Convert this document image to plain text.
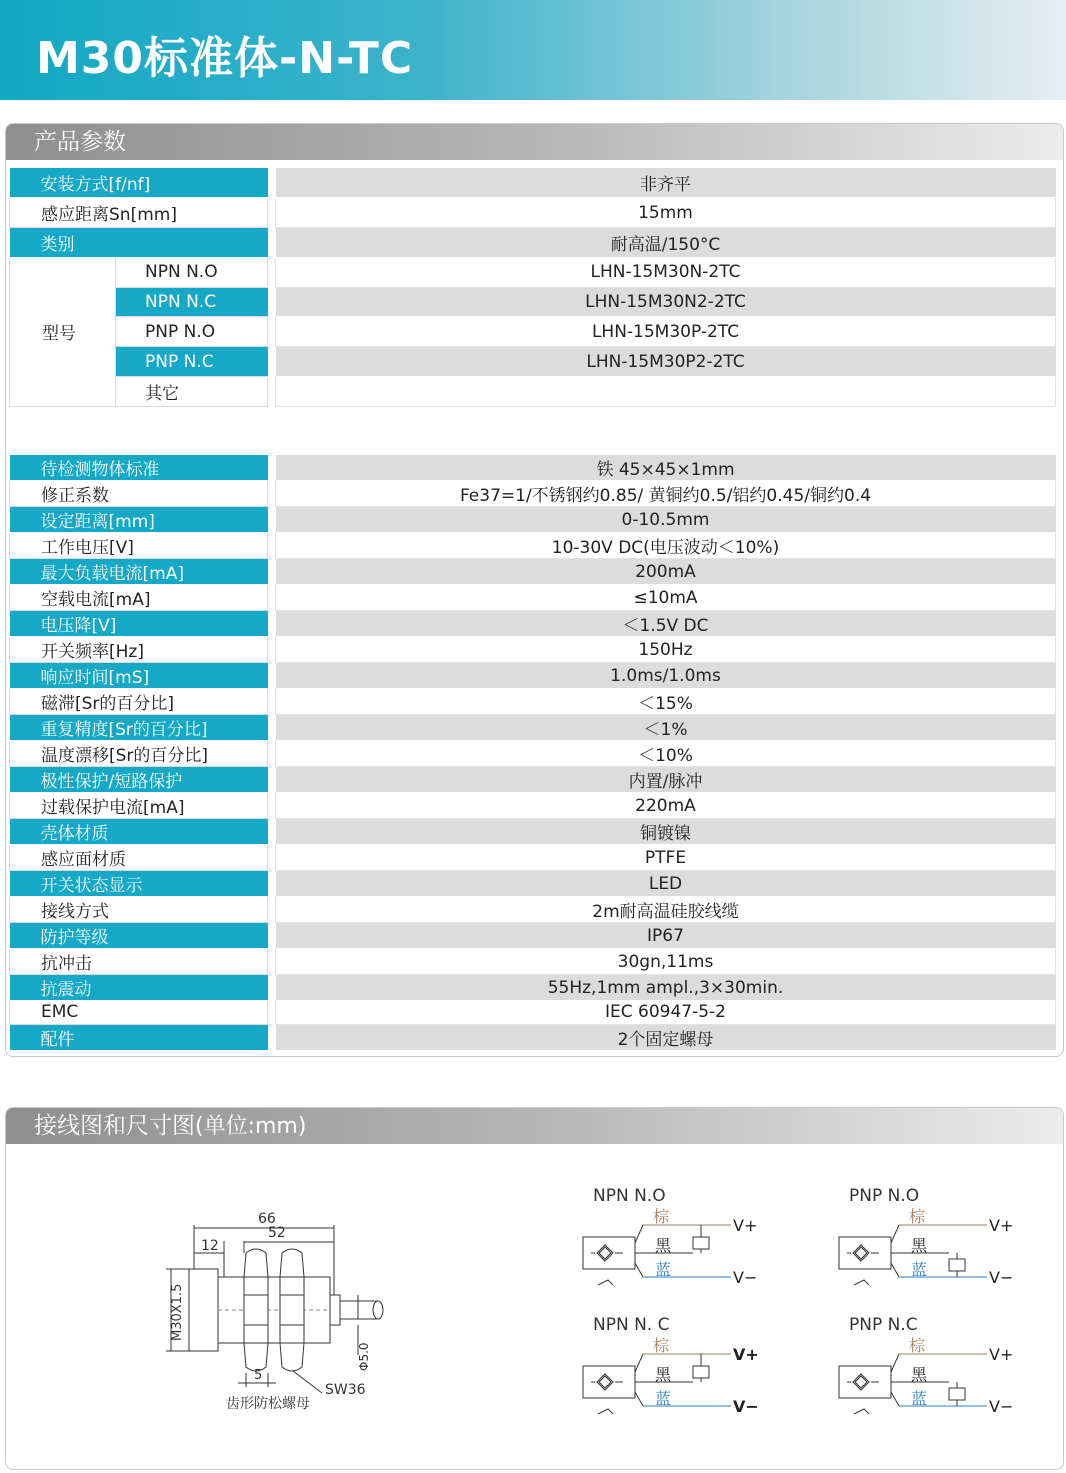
M30标准体-N-TC
产品参数
安装方式[f/nf]			非齐平
感应距离Sn[mm]			15mm
类别			耐高温/150°C
型号	NPN N.O		LHN-15M30N-2TC
	NPN N.C		LHN-15M30N2-2TC
	PNP N.O		LHN-15M30P-2TC
	PNP N.C		LHN-15M30P2-2TC
	其它		
待检测物体标准		铁 45×45×1mm
修正系数		Fe37=1/不锈钢约0.85/ 黄铜约0.5/铝约0.45/铜约0.4
设定距离[mm]		0-10.5mm
工作电压[V]		10-30V DC(电压波动＜10%)
最大负载电流[mA]		200mA
空载电流[mA]		≤10mA
电压降[V]		＜1.5V DC
开关频率[Hz]		150Hz
响应时间[mS]		1.0ms/1.0ms
磁滞[Sr的百分比]		＜15%
重复精度[Sr的百分比]		＜1%
温度漂移[Sr的百分比]		＜10%
极性保护/短路保护		内置/脉冲
过载保护电流[mA]		220mA
壳体材质		铜镀镍
感应面材质		PTFE
开关状态显示		LED
接线方式		2m耐高温硅胶线缆
防护等级		IP67
抗冲击		30gn,11ms
抗震动		55Hz,1mm ampl.,3×30min.
EMC		IEC 60947-5-2
配件		2个固定螺母
接线图和尺寸图(单位:mm)
66
52
12
M30X1.5
5
Φ5.0
SW36
齿形防松螺母
NPN N.O
棕
黑
蓝
V+
V−
PNP N.O
棕
黑
蓝
V+
V−
NPN N. C
棕
黑
蓝
V+
V−
PNP N.C
棕
黑
蓝
V+
V−
